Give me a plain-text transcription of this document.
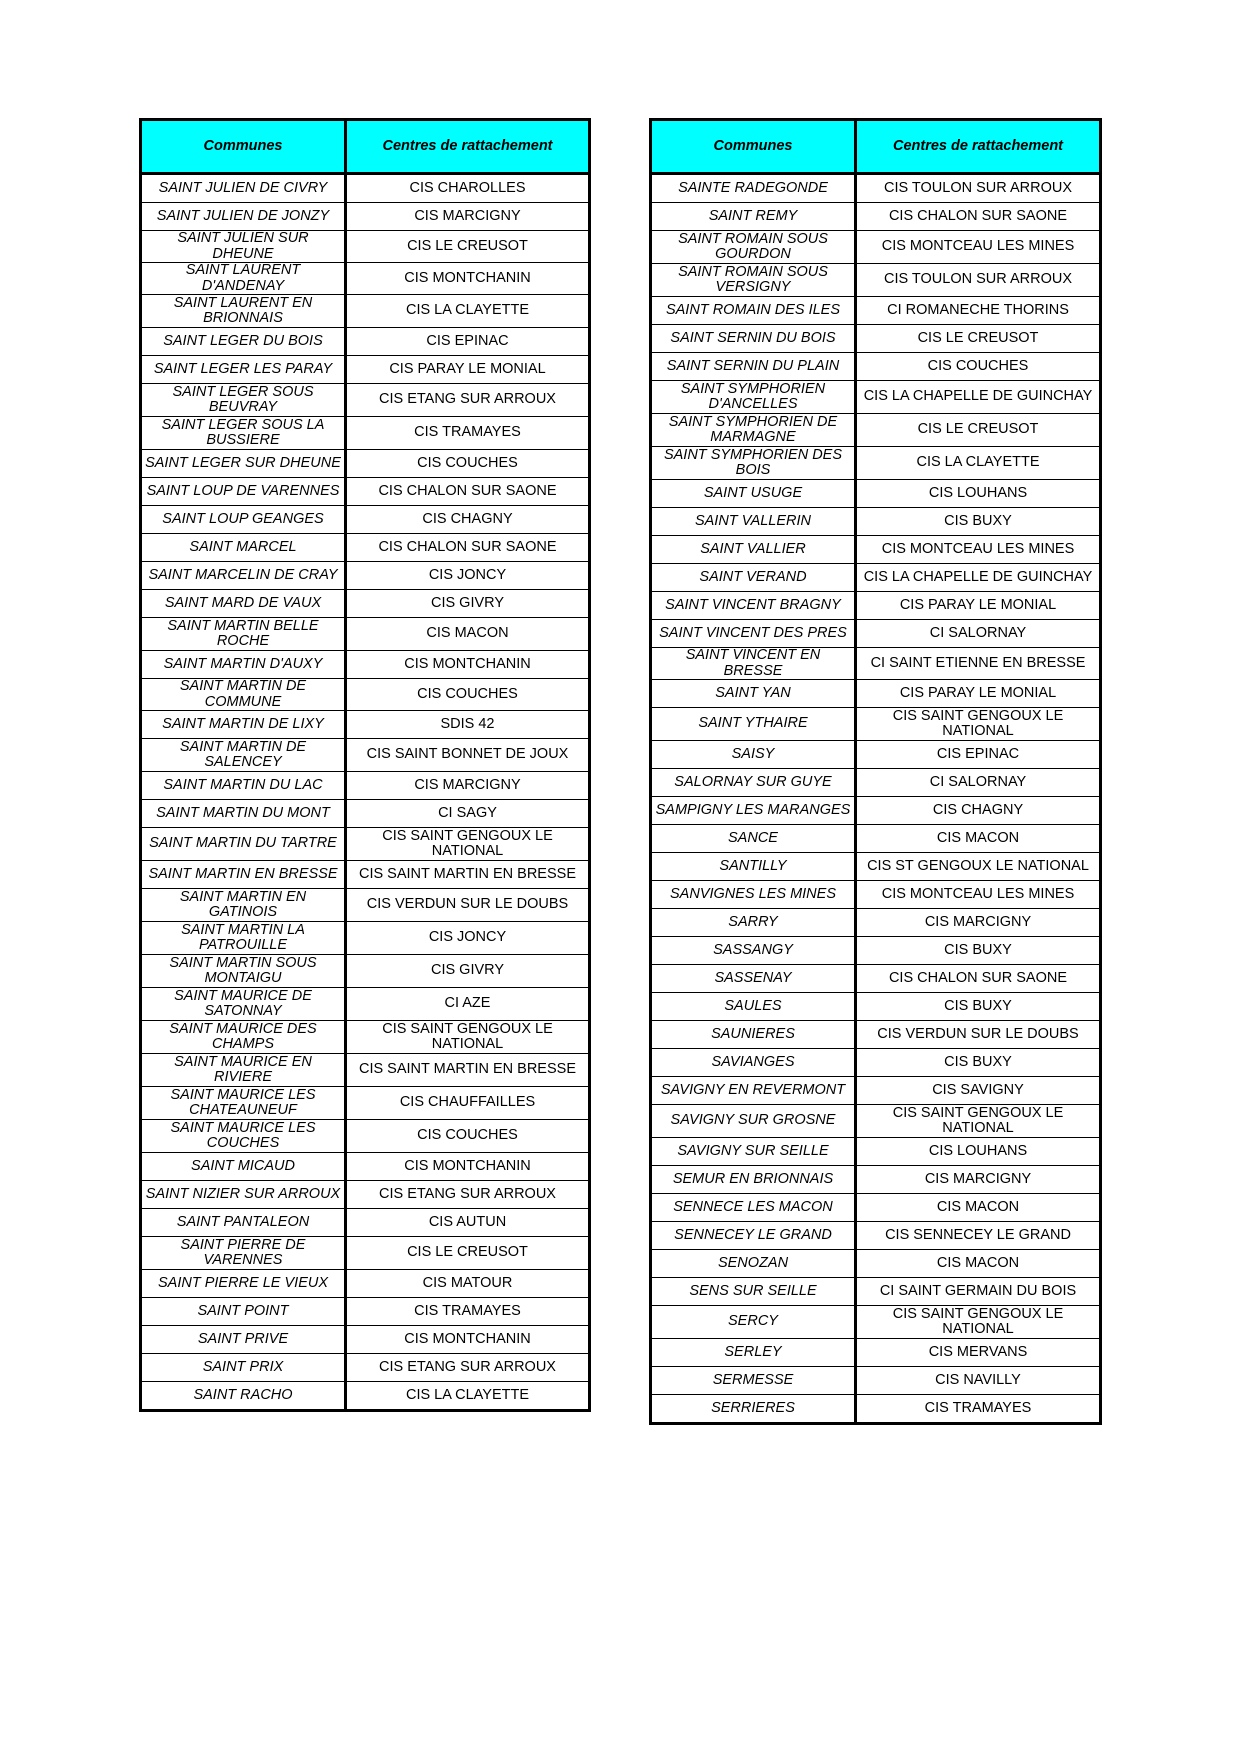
Communes	Centres de rattachement
SAINT JULIEN DE CIVRY	CIS CHAROLLES
SAINT JULIEN DE JONZY	CIS MARCIGNY
SAINT JULIEN SUR DHEUNE	CIS LE CREUSOT
SAINT LAURENT D'ANDENAY	CIS MONTCHANIN
SAINT LAURENT EN BRIONNAIS	CIS LA CLAYETTE
SAINT LEGER DU BOIS	CIS EPINAC
SAINT LEGER LES PARAY	CIS PARAY LE MONIAL
SAINT LEGER SOUS BEUVRAY	CIS ETANG SUR ARROUX
SAINT LEGER SOUS LA BUSSIERE	CIS TRAMAYES
SAINT LEGER SUR DHEUNE	CIS COUCHES
SAINT LOUP DE VARENNES	CIS CHALON SUR SAONE
SAINT LOUP GEANGES	CIS CHAGNY
SAINT MARCEL	CIS CHALON SUR SAONE
SAINT MARCELIN DE CRAY	CIS JONCY
SAINT MARD DE VAUX	CIS GIVRY
SAINT MARTIN BELLE ROCHE	CIS MACON
SAINT MARTIN D'AUXY	CIS MONTCHANIN
SAINT MARTIN DE COMMUNE	CIS COUCHES
SAINT MARTIN DE LIXY	SDIS 42
SAINT MARTIN DE SALENCEY	CIS SAINT BONNET DE JOUX
SAINT MARTIN DU LAC	CIS MARCIGNY
SAINT MARTIN DU MONT	CI SAGY
SAINT MARTIN DU TARTRE	CIS SAINT GENGOUX LE NATIONAL
SAINT MARTIN EN BRESSE	CIS SAINT MARTIN EN BRESSE
SAINT MARTIN EN GATINOIS	CIS VERDUN SUR LE DOUBS
SAINT MARTIN LA PATROUILLE	CIS JONCY
SAINT MARTIN SOUS MONTAIGU	CIS GIVRY
SAINT MAURICE DE SATONNAY	CI AZE
SAINT MAURICE DES CHAMPS	CIS SAINT GENGOUX LE NATIONAL
SAINT MAURICE EN RIVIERE	CIS SAINT MARTIN EN BRESSE
SAINT MAURICE LES CHATEAUNEUF	CIS CHAUFFAILLES
SAINT MAURICE LES COUCHES	CIS COUCHES
SAINT MICAUD	CIS MONTCHANIN
SAINT NIZIER SUR ARROUX	CIS ETANG SUR ARROUX
SAINT PANTALEON	CIS AUTUN
SAINT PIERRE DE VARENNES	CIS LE CREUSOT
SAINT PIERRE LE VIEUX	CIS MATOUR
SAINT POINT	CIS TRAMAYES
SAINT PRIVE	CIS MONTCHANIN
SAINT PRIX	CIS ETANG SUR ARROUX
SAINT RACHO	CIS LA CLAYETTE
Communes	Centres de rattachement
SAINTE RADEGONDE	CIS TOULON SUR ARROUX
SAINT REMY	CIS CHALON SUR SAONE
SAINT ROMAIN SOUS GOURDON	CIS MONTCEAU LES MINES
SAINT ROMAIN SOUS VERSIGNY	CIS TOULON SUR ARROUX
SAINT ROMAIN DES ILES	CI ROMANECHE THORINS
SAINT SERNIN DU BOIS	CIS LE CREUSOT
SAINT SERNIN DU PLAIN	CIS COUCHES
SAINT SYMPHORIEN D'ANCELLES	CIS LA CHAPELLE DE GUINCHAY
SAINT SYMPHORIEN DE MARMAGNE	CIS LE CREUSOT
SAINT SYMPHORIEN DES BOIS	CIS LA CLAYETTE
SAINT USUGE	CIS LOUHANS
SAINT VALLERIN	CIS BUXY
SAINT VALLIER	CIS MONTCEAU LES MINES
SAINT VERAND	CIS LA CHAPELLE DE GUINCHAY
SAINT VINCENT BRAGNY	CIS PARAY LE MONIAL
SAINT VINCENT DES PRES	CI SALORNAY
SAINT VINCENT EN BRESSE	CI SAINT ETIENNE EN BRESSE
SAINT YAN	CIS PARAY LE MONIAL
SAINT YTHAIRE	CIS SAINT GENGOUX LE NATIONAL
SAISY	CIS EPINAC
SALORNAY SUR GUYE	CI SALORNAY
SAMPIGNY LES MARANGES	CIS CHAGNY
SANCE	CIS MACON
SANTILLY	CIS ST GENGOUX LE NATIONAL
SANVIGNES LES MINES	CIS MONTCEAU LES MINES
SARRY	CIS MARCIGNY
SASSANGY	CIS BUXY
SASSENAY	CIS CHALON SUR SAONE
SAULES	CIS BUXY
SAUNIERES	CIS VERDUN SUR LE DOUBS
SAVIANGES	CIS BUXY
SAVIGNY EN REVERMONT	CIS SAVIGNY
SAVIGNY SUR GROSNE	CIS SAINT GENGOUX LE NATIONAL
SAVIGNY SUR SEILLE	CIS LOUHANS
SEMUR EN BRIONNAIS	CIS MARCIGNY
SENNECE LES MACON	CIS MACON
SENNECEY LE GRAND	CIS SENNECEY LE GRAND
SENOZAN	CIS MACON
SENS SUR SEILLE	CI SAINT GERMAIN DU BOIS
SERCY	CIS SAINT GENGOUX LE NATIONAL
SERLEY	CIS MERVANS
SERMESSE	CIS NAVILLY
SERRIERES	CIS TRAMAYES
